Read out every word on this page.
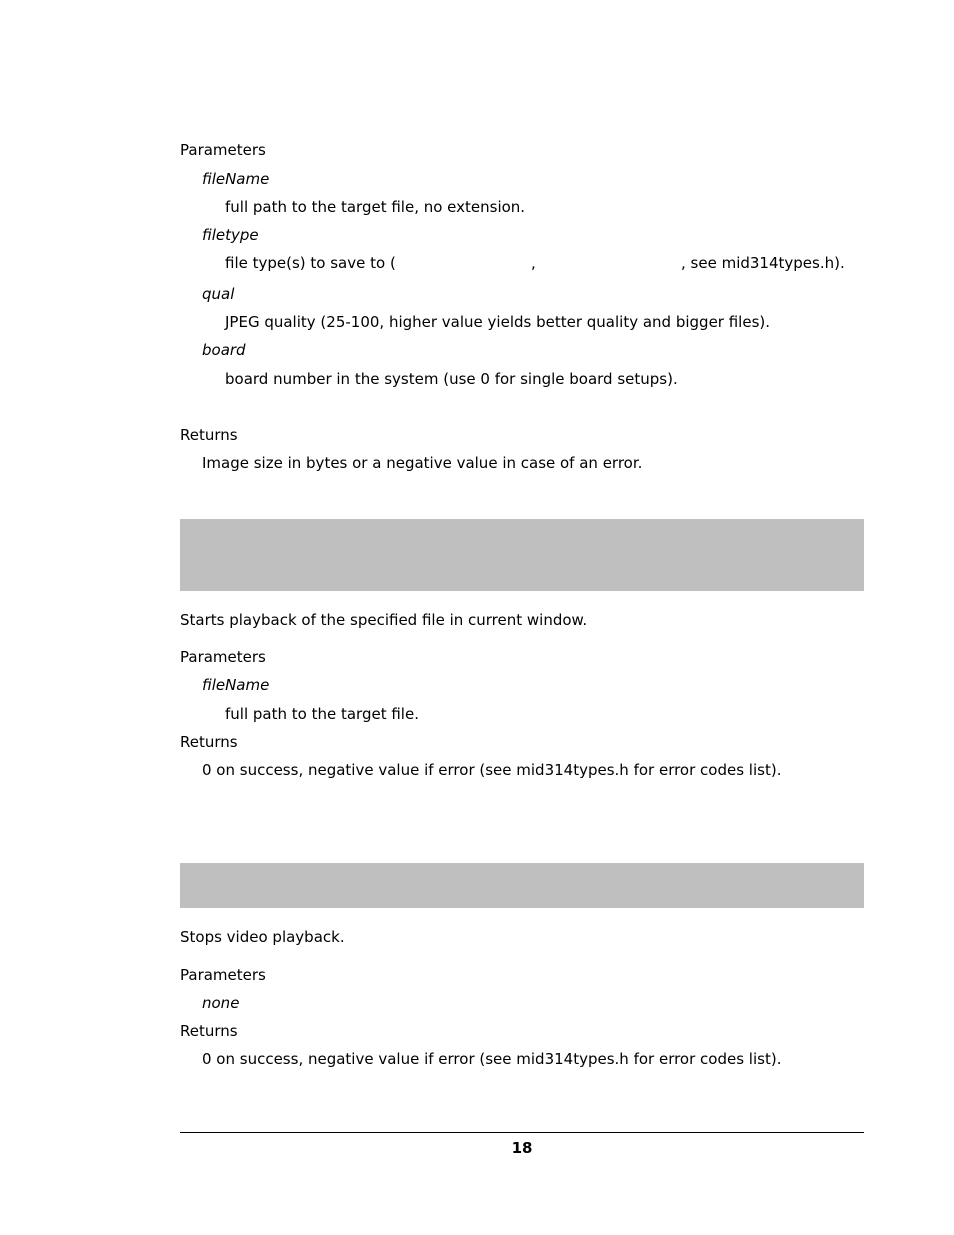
Parameters
fileName
full path to the target file, no extension.
filetype
file type(s) to save to (	,	, see mid314types.h).
qual
JPEG quality (25-100, higher value yields better quality and bigger files).
board
board number in the system (use 0 for single board setups).
Returns
Image size in bytes or a negative value in case of an error.
Starts playback of the specified file in current window.
Parameters
fileName
full path to the target file.
Returns
0 on success, negative value if error (see mid314types.h for error codes list).
Stops video playback.
Parameters
none
Returns
0 on success, negative value if error (see mid314types.h for error codes list).
18
